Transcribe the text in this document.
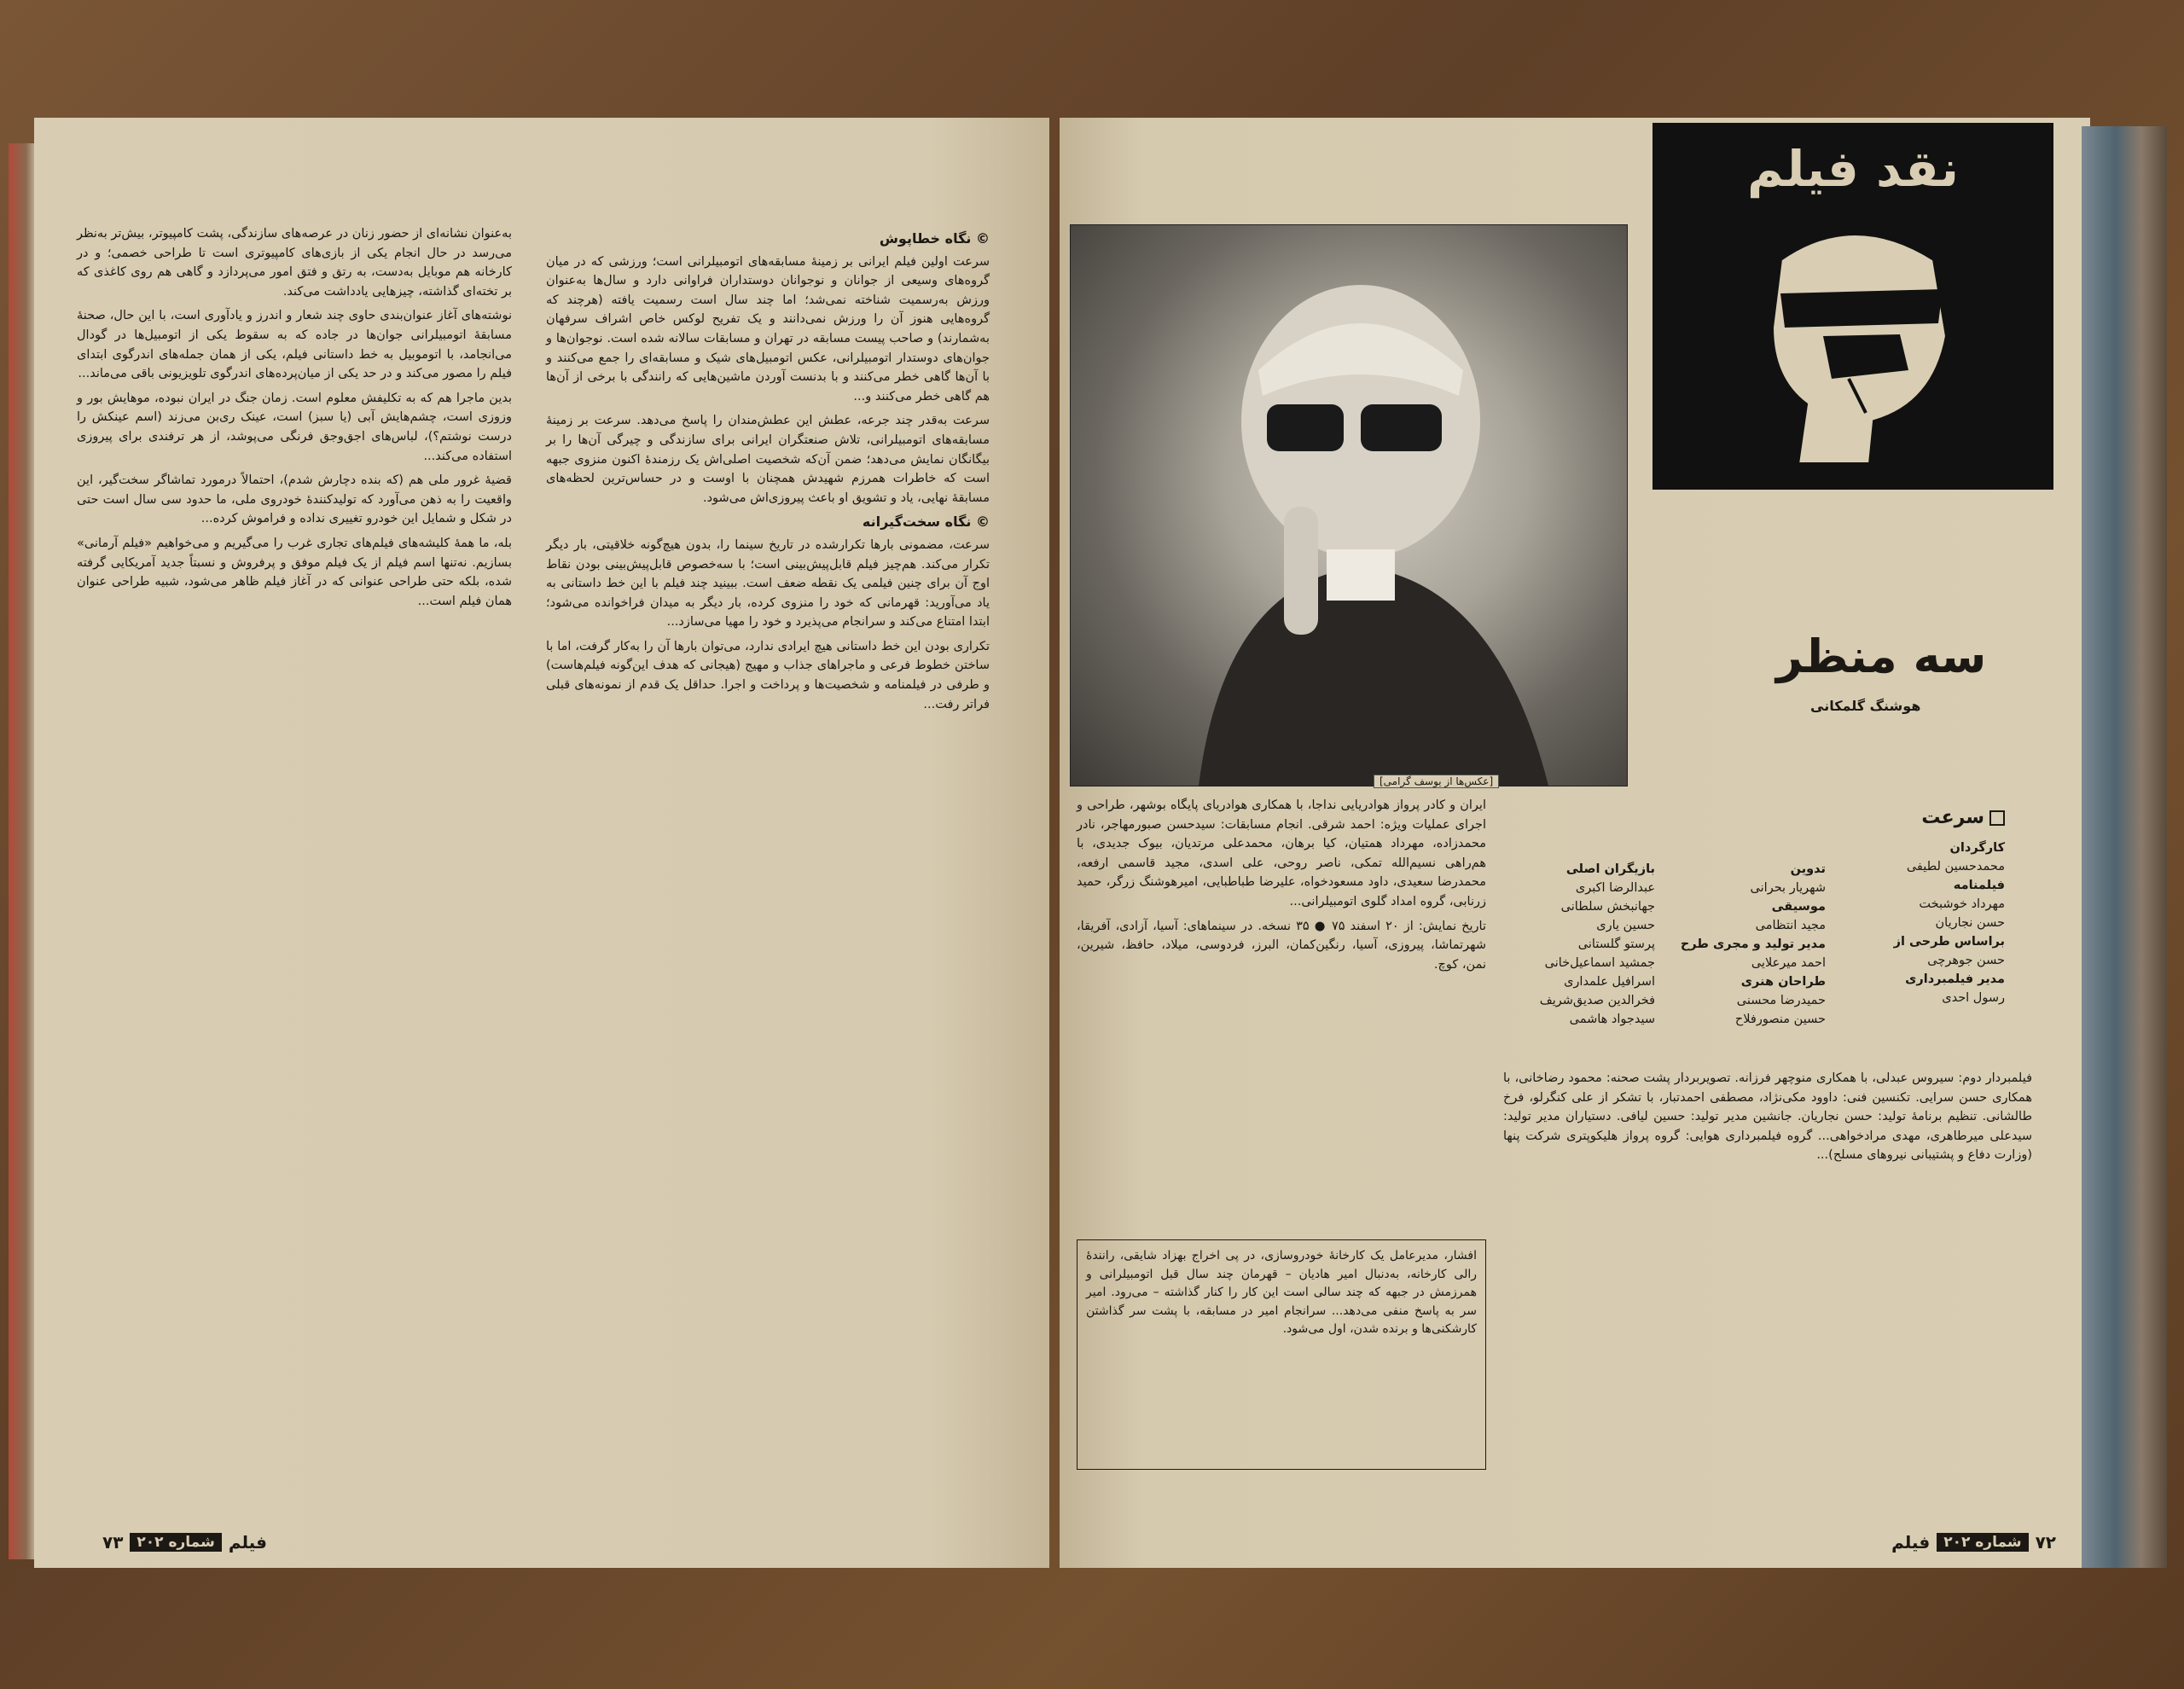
به‌عنوان نشانه‌ای از حضور زنان در عرصه‌های سازندگی، پشت کامپیوتر، بیش‌تر به‌نظر می‌رسد در حال انجام یکی از بازی‌های کامپیوتری است تا طراحی خصمی؛ و در کارخانه هم موبایل به‌دست، به رتق و فتق امور می‌پردازد و گاهی هم روی کاغذی که بر تخته‌ای گذاشته، چیزهایی یادداشت می‌کند.

نوشته‌های آغاز عنوان‌بندی حاوی چند شعار و اندرز و یادآوری است، با این حال، صحنهٔ مسابقهٔ اتومبیلرانی جوان‌ها در جاده که به سقوط یکی از اتومبیل‌ها در گودال می‌انجامد، با اتوموبیل به خط داستانی فیلم، یکی از همان جمله‌های اندرگوی ابتدای فیلم را مصور می‌کند و در حد یکی از میان‌پرده‌های اندرگوی تلویزیونی باقی می‌ماند...

بدین ماجرا هم که به تکلیفش معلوم است. زمان جنگ در ایران نبوده، موهایش بور و وزوزی است، چشم‌هایش آبی (یا سبز) است، عینک ری‌بن می‌زند (اسم عینکش را درست نوشتم؟)، لباس‌های اجق‌وجق فرنگی می‌پوشد، از هر ترفندی برای پیروزی استفاده می‌کند...

قضیهٔ غرور ملی هم (که بنده دچارش شدم)، احتمالاً درمورد تماشاگر سخت‌گیر، این واقعیت را به ذهن می‌آورد که تولیدکنندهٔ خودروی ملی، ما حدود سی سال است حتی در شکل و شمایل این خودرو تغییری نداده و فراموش کرده...

بله، ما همهٔ کلیشه‌های فیلم‌های تجاری غرب را می‌گیریم و می‌خواهیم «فیلم آرمانی» بسازیم. نه‌تنها اسم فیلم از یک فیلم موفق و پرفروش و نسبتاً جدید آمریکایی گرفته شده، بلکه حتی طراحی عنوانی که در آغاز فیلم ظاهر می‌شود، شبیه طراحی عنوان همان فیلم است...

© نگاه خطاپوش

سرعت اولین فیلم ایرانی بر زمینهٔ مسابقه‌های اتومبیلرانی است؛ ورزشی که در میان گروه‌های وسیعی از جوانان و نوجوانان دوستداران فراوانی دارد و سال‌ها به‌عنوان ورزش به‌رسمیت شناخته نمی‌شد؛ اما چند سال است رسمیت یافته (هرچند که گروه‌هایی هنوز آن را ورزش نمی‌دانند و یک تفریح لوکس خاص اشراف سرفهان به‌شمارند) و صاحب پیست مسابقه در تهران و مسابقات سالانه شده است. نوجوان‌ها و جوان‌های دوستدار اتومبیلرانی، عکس اتومبیل‌های شیک و مسابقه‌ای را جمع می‌کنند و با آن‌ها گاهی خطر می‌کنند و با بدنست آوردن ماشین‌هایی که رانندگی با برخی از آن‌ها هم گاهی خطر می‌کنند و...

سرعت به‌قدر چند جرعه، عطش این عطش‌مندان را پاسخ می‌دهد. سرعت بر زمینهٔ مسابقه‌های اتومبیلرانی، تلاش صنعتگران ایرانی برای سازندگی و چیرگی آن‌ها را بر بیگانگان نمایش می‌دهد؛ ضمن آن‌که شخصیت اصلی‌اش یک رزمندهٔ اکنون منزوی جبهه است که خاطرات همرزم شهیدش همچنان با اوست و در حساس‌ترین لحظه‌های مسابقهٔ نهایی، یاد و تشویق او باعث پیروزی‌اش می‌شود.

© نگاه سخت‌گیرانه

سرعت، مضمونی بارها تکرارشده در تاریخ سینما را، بدون هیچ‌گونه خلاقیتی، بار دیگر تکرار می‌کند. هم‌چیز فیلم قابل‌پیش‌بینی است؛ با سه‌خصوص قابل‌پیش‌بینی بودن نقاط اوج آن برای چنین فیلمی یک نقطه ضعف است. ببینید چند فیلم با این خط داستانی به یاد می‌آورید: قهرمانی که خود را منزوی کرده، بار دیگر به میدان فراخوانده می‌شود؛ ابتدا امتناع می‌کند و سرانجام می‌پذیرد و خود را مهیا می‌سازد...

تکراری بودن این خط داستانی هیچ ایرادی ندارد، می‌توان بارها آن را به‌کار گرفت، اما با ساختن خطوط فرعی و ماجراهای جذاب و مهیج (هیجانی که هدف این‌گونه فیلم‌هاست) و طرفی در فیلمنامه و شخصیت‌ها و پرداخت و اجرا. حداقل یک قدم از نمونه‌های قبلی فراتر رفت...

فیلم
شماره ۲۰۲
۷۳
نقد فیلم
[عکس‌ها از یوسف گرامی]
سه منظر
هوشنگ گلمکانی
سرعت
کارگردان
محمدحسین لطیفی
فیلمنامه
مهرداد خوشبخت
حسن نجاریان
براساس طرحی از
حسن جوهرچی
مدیر فیلمبرداری
رسول احدی
تدوین
شهریار بحرانی
موسیقی
مجید انتظامی
مدیر تولید و مجری طرح
احمد میرعلایی
طراحان هنری
حمیدرضا محسنی
حسین منصورفلاح
بازیگران اصلی
عبدالرضا اکبری
جهانبخش سلطانی
حسین یاری
پرستو گلستانی
جمشید اسماعیل‌خانی
اسرافیل علمداری
فخرالدین صدیق‌شریف
سیدجواد هاشمی

ایران و کادر پرواز هوادریایی نداجا، با همکاری هوادریای پایگاه بوشهر، طراحی و اجرای عملیات ویژه: احمد شرقی. انجام مسابقات: سیدحسن صبورمهاجر، نادر محمدزاده، مهرداد همتیان، کیا برهان، محمدعلی مرتدیان، بیوک جدیدی، با هم‌راهی نسیم‌الله تمکی، ناصر روحی، علی اسدی، مجید قاسمی ارفعه، محمدرضا سعیدی، داود مسعودخواه، علیرضا طباطبایی، امیرهوشنگ زرگر، حمید زرنابی، گروه امداد گلوی اتومبیلرانی...

تاریخ نمایش: از ۲۰ اسفند ۷۵ ● ۳۵ نسخه. در سینماهای: آسیا، آزادی، آفریقا، شهرتماشا، پیروزی، آسیا، رنگین‌کمان، البرز، فردوسی، میلاد، حافظ، شیرین، نمن، کوچ.

فیلمبردار دوم: سیروس عبدلی، با همکاری منوچهر فرزانه. تصویربردار پشت صحنه: محمود رضاخانی، با همکاری حسن سرایی. تکنسین فنی: داوود مکی‌نژاد، مصطفی احمدتبار، با تشکر از علی کنگرلو، فرخ طالشانی. تنظیم برنامهٔ تولید: حسن نجاریان. جانشین مدیر تولید: حسین لیافی. دستیاران مدیر تولید: سیدعلی میرطاهری، مهدی مرادخواهی... گروه فیلمبرداری هوایی: گروه پرواز هلیکوپتری شرکت پنها (وزارت دفاع و پشتیبانی نیروهای مسلح)...

افشار، مدیرعامل یک کارخانهٔ خودروسازی، در پی اخراج بهزاد شایقی، رانندهٔ رالی کارخانه، به‌دنبال امیر هادیان – قهرمان چند سال قبل اتومبیلرانی و همرزمش در جبهه که چند سالی است این کار را کنار گذاشته – می‌رود. امیر سر به پاسخ منفی می‌دهد... سرانجام امیر در مسابقه، با پشت سر گذاشتن کارشکنی‌ها و برنده شدن، اول می‌شود.
۷۲
شماره ۲۰۲
فیلم
